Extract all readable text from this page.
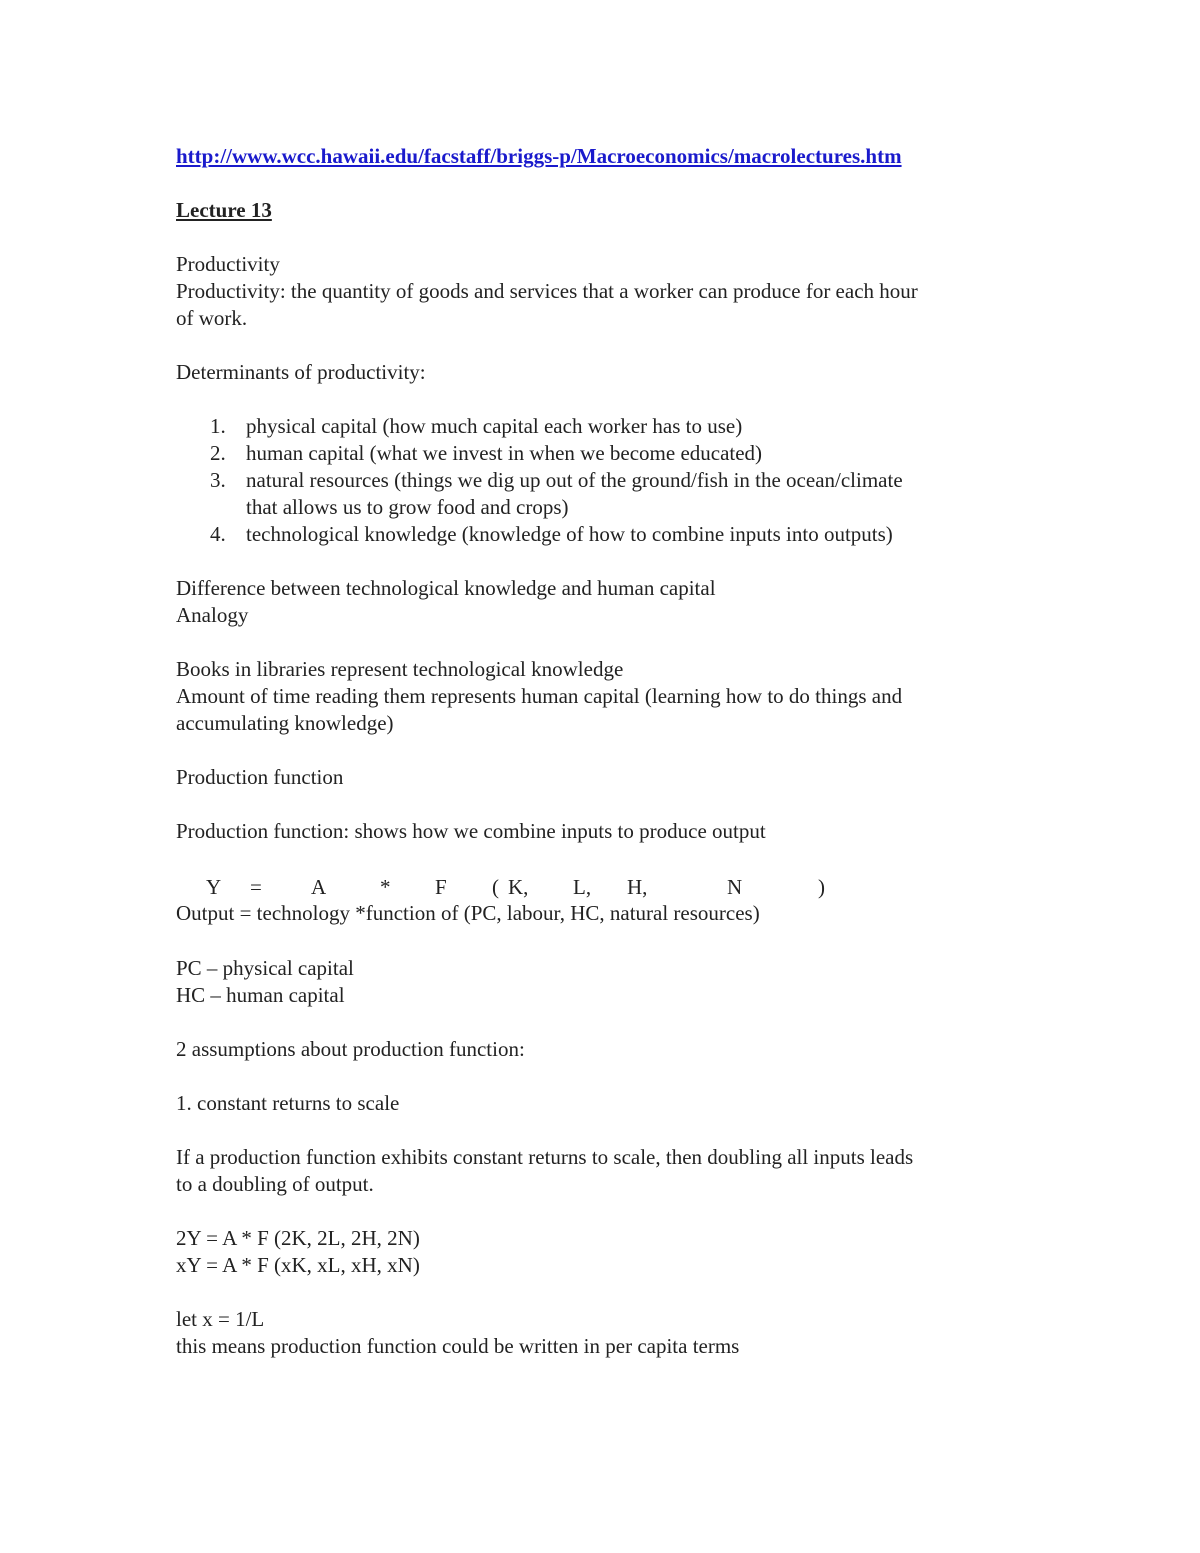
http://www.wcc.hawaii.edu/facstaff/briggs-p/Macroeconomics/macrolectures.htm
Lecture 13
Productivity
Productivity: the quantity of goods and services that a worker can produce for each hour
of work.
Determinants of productivity:
1. physical capital (how much capital each worker has to use)
2. human capital (what we invest in when we become educated)
3. natural resources (things we dig up out of the ground/fish in the ocean/climate
that allows us to grow food and crops)
4. technological knowledge (knowledge of how to combine inputs into outputs)
Difference between technological knowledge and human capital
Analogy
Books in libraries represent technological knowledge
Amount of time reading them represents human capital (learning how to do things and
accumulating knowledge)
Production function
Production function: shows how we combine inputs to produce output
Y = A	* F ( K, L, H,	N	)
Output = technology *function of (PC, labour, HC, natural resources)
PC – physical capital
HC – human capital
2 assumptions about production function:
1. constant returns to scale
If a production function exhibits constant returns to scale, then doubling all inputs leads
to a doubling of output.
2Y = A * F (2K, 2L, 2H, 2N)
xY = A * F (xK, xL, xH, xN)
let x = 1/L
this means production function could be written in per capita terms
